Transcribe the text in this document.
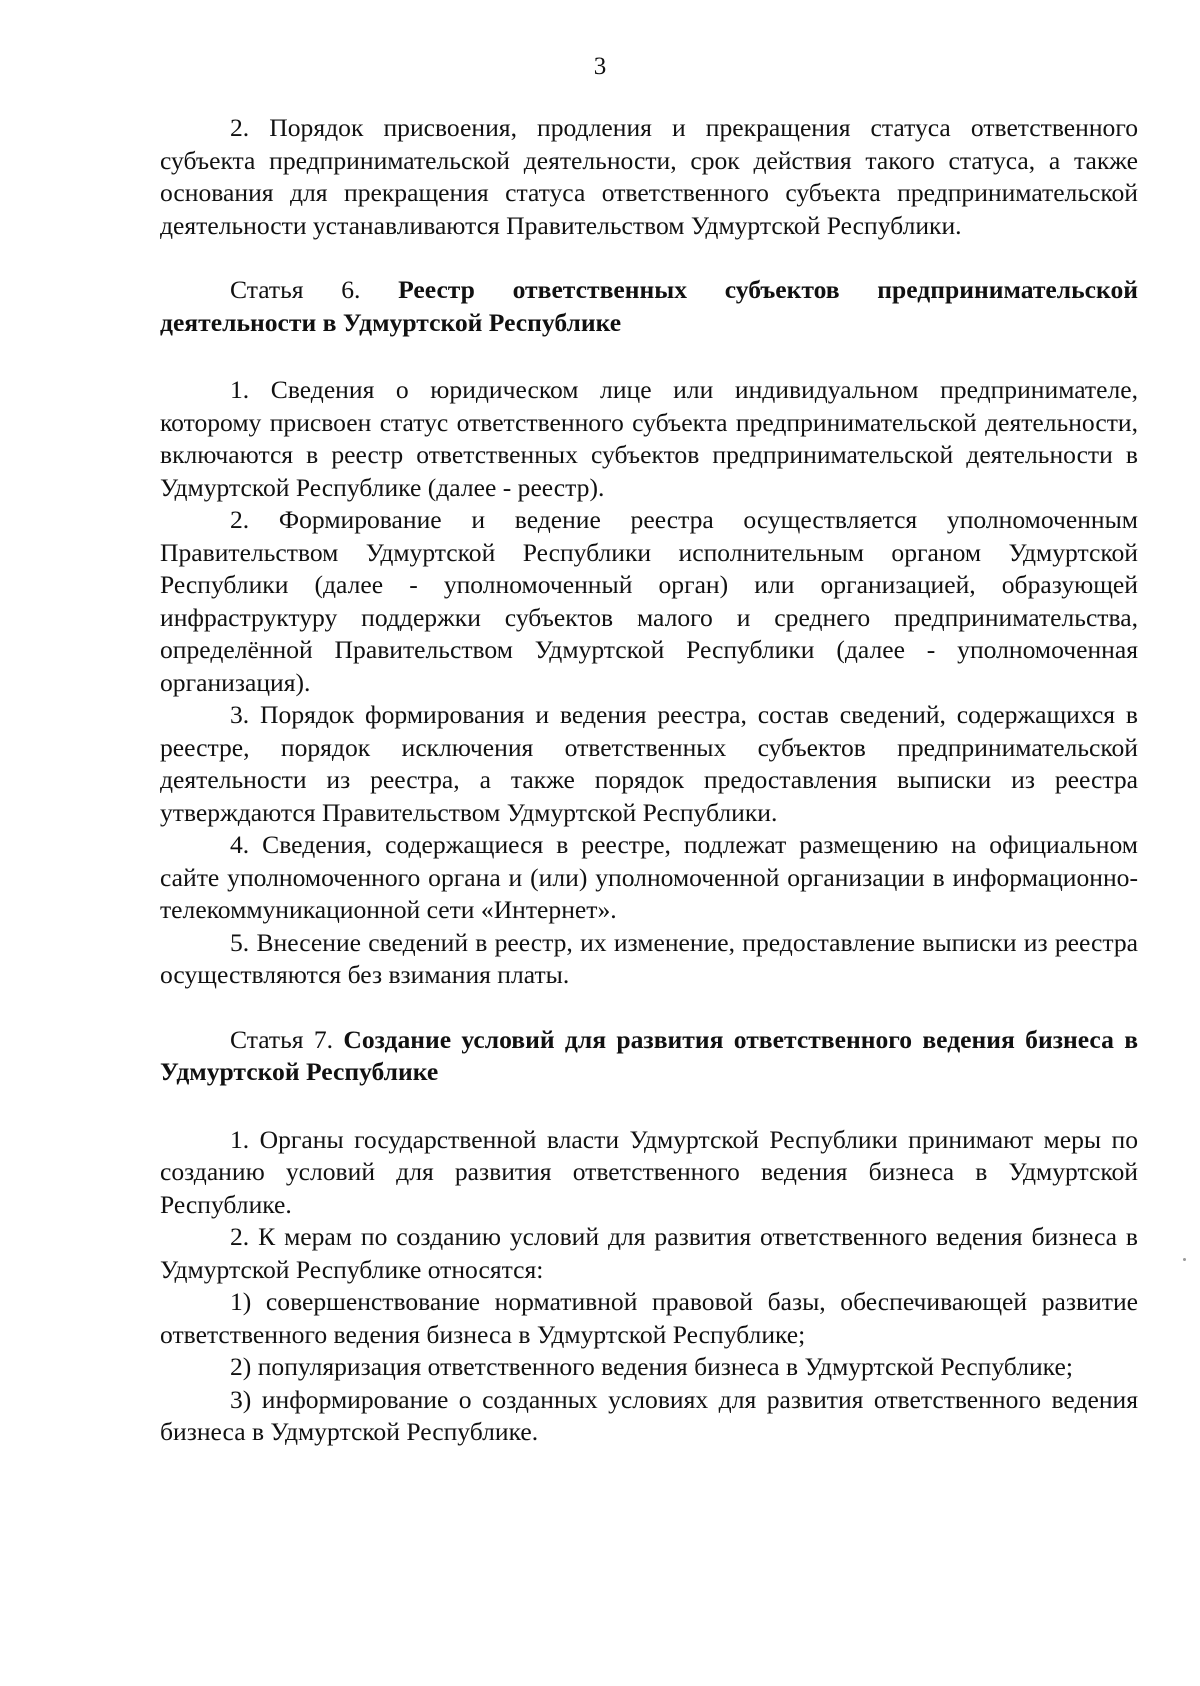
3

2. Порядок присвоения, продления и прекращения статуса ответственного субъекта предпринимательской деятельности, срок действия такого статуса, а также основания для прекращения статуса ответственного субъекта предпринимательской деятельности устанавливаются Правительством Удмуртской Республики.

Статья 6. Реестр ответственных субъектов предпринимательской деятельности в Удмуртской Республике

1. Сведения о юридическом лице или индивидуальном предпринимателе, которому присвоен статус ответственного субъекта предпринимательской деятельности, включаются в реестр ответственных субъектов предпринимательской деятельности в Удмуртской Республике (далее - реестр).

2. Формирование и ведение реестра осуществляется уполномоченным Правительством Удмуртской Республики исполнительным органом Удмуртской Республики (далее - уполномоченный орган) или организацией, образующей инфраструктуру поддержки субъектов малого и среднего предпринимательства, определённой Правительством Удмуртской Республики (далее - уполномоченная организация).

3. Порядок формирования и ведения реестра, состав сведений, содержащихся в реестре, порядок исключения ответственных субъектов предпринимательской деятельности из реестра, а также порядок предоставления выписки из реестра утверждаются Правительством Удмуртской Республики.

4. Сведения, содержащиеся в реестре, подлежат размещению на официальном сайте уполномоченного органа и (или) уполномоченной организации в информационно-телекоммуникационной сети «Интернет».

5. Внесение сведений в реестр, их изменение, предоставление выписки из реестра осуществляются без взимания платы.

Статья 7. Создание условий для развития ответственного ведения бизнеса в Удмуртской Республике

1. Органы государственной власти Удмуртской Республики принимают меры по созданию условий для развития ответственного ведения бизнеса в Удмуртской Республике.

2. К мерам по созданию условий для развития ответственного ведения бизнеса в Удмуртской Республике относятся:

1) совершенствование нормативной правовой базы, обеспечивающей развитие ответственного ведения бизнеса в Удмуртской Республике;

2) популяризация ответственного ведения бизнеса в Удмуртской Республике;

3) информирование о созданных условиях для развития ответственного ведения бизнеса в Удмуртской Республике.
